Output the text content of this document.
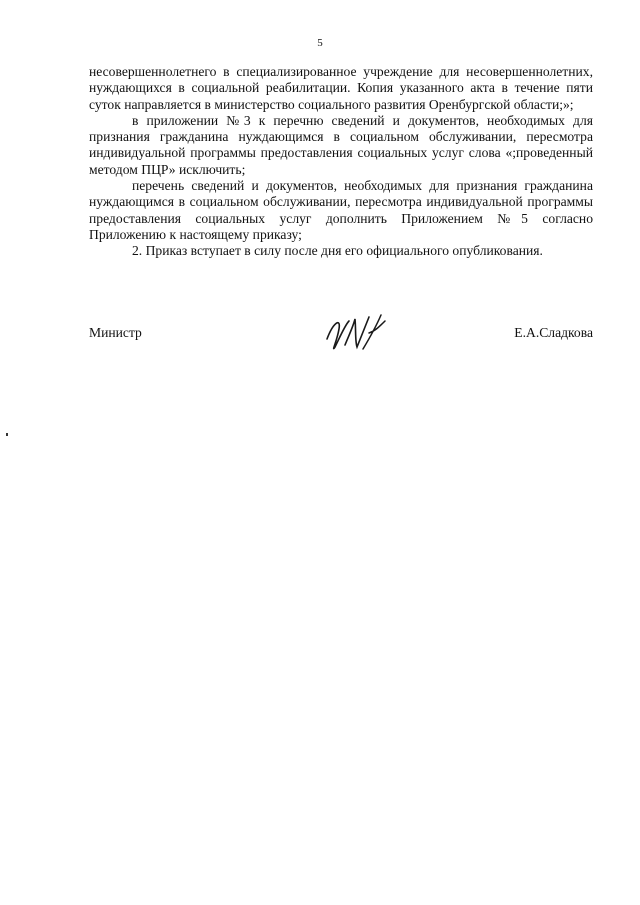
5

несовершеннолетнего в специализированное учреждение для несовершеннолетних, нуждающихся в социальной реабилитации. Копия указанного акта в течение пяти суток направляется в министерство социального развития Оренбургской области;»;

в приложении №3 к перечню сведений и документов, необходимых для признания гражданина нуждающимся в социальном обслуживании, пересмотра индивидуальной программы предоставления социальных услуг слова «;проведенный методом ПЦР» исключить;

перечень сведений и документов, необходимых для признания гражданина нуждающимся в социальном обслуживании, пересмотра индивидуальной программы предоставления социальных услуг дополнить Приложением №5 согласно Приложению к настоящему приказу;

2. Приказ вступает в силу после дня его официального опубликования.

Министр	Е.А.Сладкова
